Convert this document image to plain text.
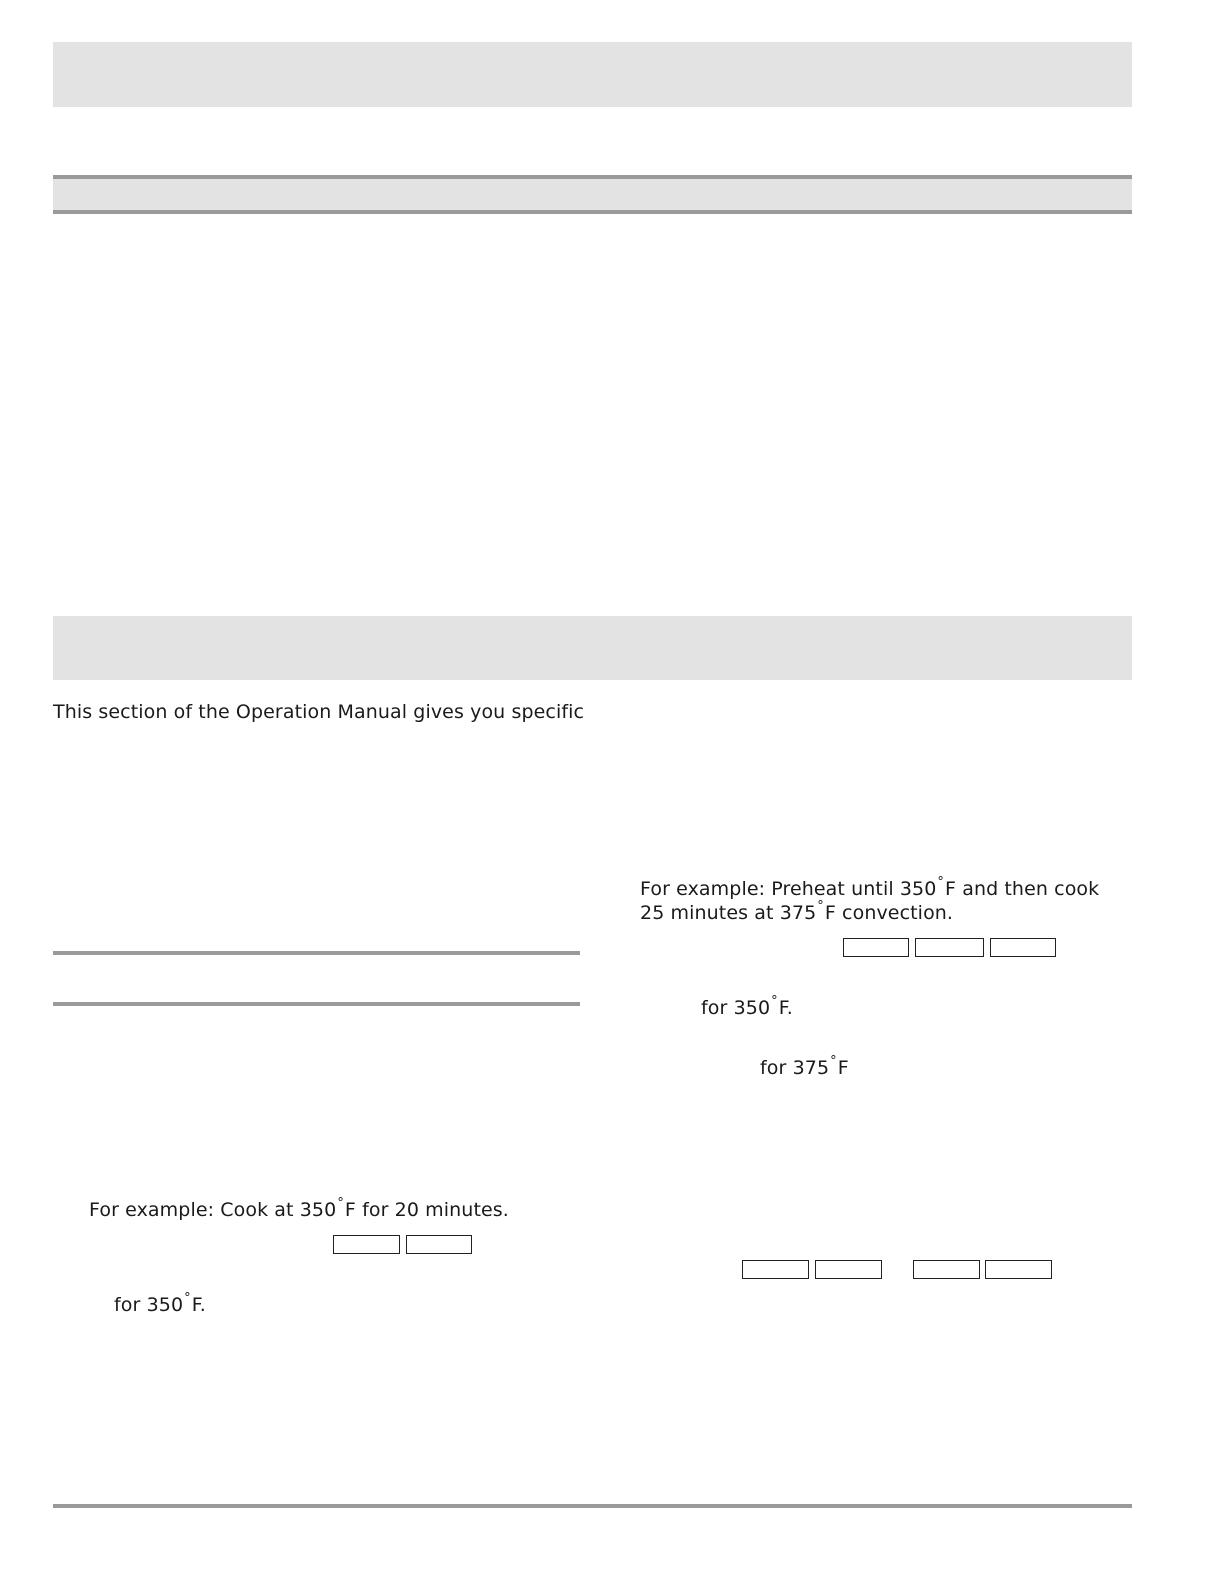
This section of the Operation Manual gives you specific
For example: Cook at 350°F for 20 minutes.
for 350°F.
For example: Preheat until 350°F and then cook
25 minutes at 375°F convection.
for 350°F.
for 375°F
